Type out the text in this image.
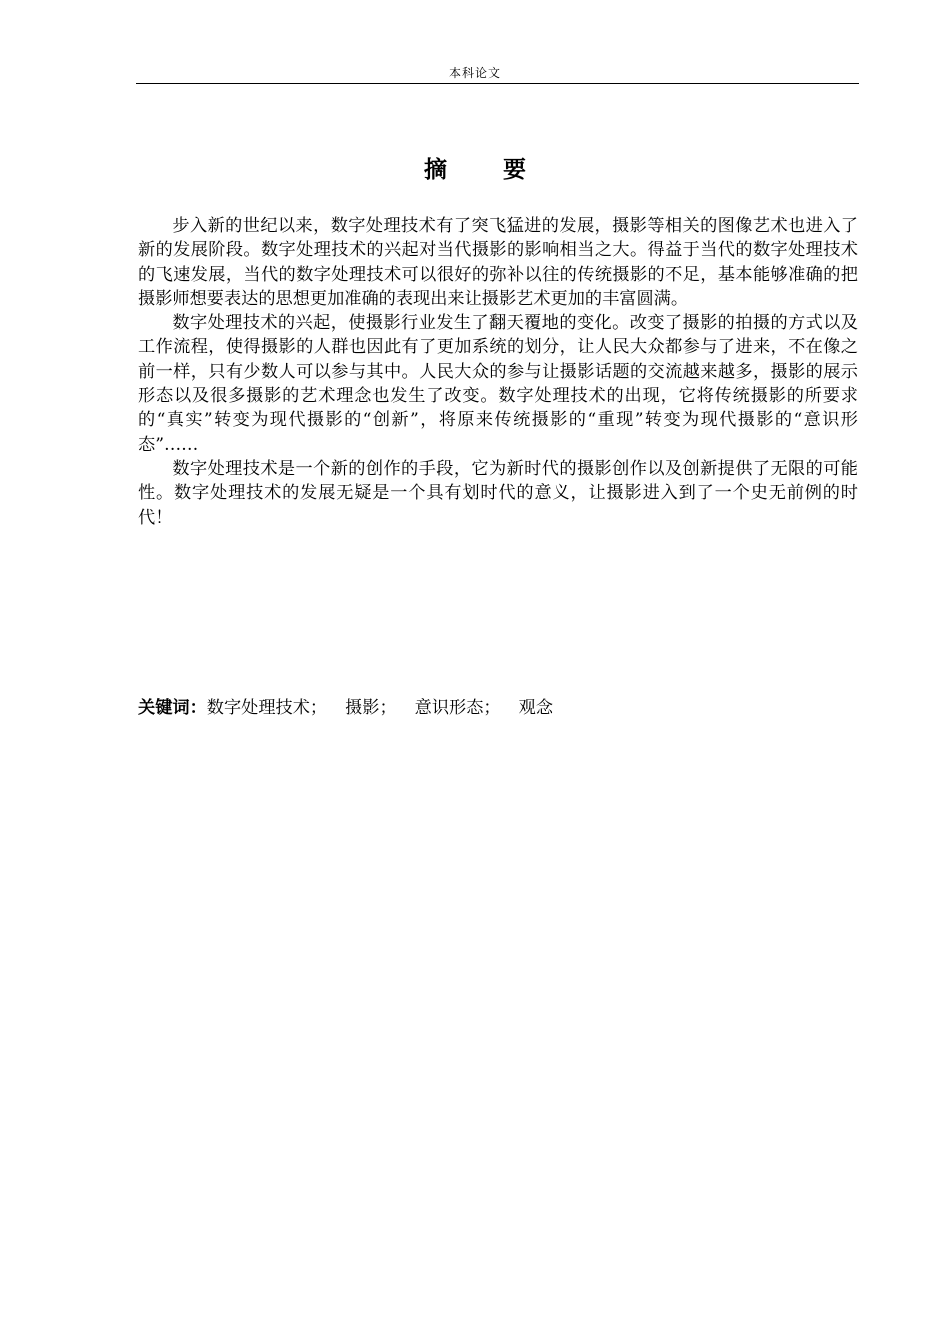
本科论文
摘 要

步入新的世纪以来，数字处理技术有了突飞猛进的发展，摄影等相关的图像艺术也进入了新的发展阶段。数字处理技术的兴起对当代摄影的影响相当之大。得益于当代的数字处理技术的飞速发展，当代的数字处理技术可以很好的弥补以往的传统摄影的不足，基本能够准确的把摄影师想要表达的思想更加准确的表现出来让摄影艺术更加的丰富圆满。

数字处理技术的兴起，使摄影行业发生了翻天覆地的变化。改变了摄影的拍摄的方式以及工作流程，使得摄影的人群也因此有了更加系统的划分，让人民大众都参与了进来，不在像之前一样，只有少数人可以参与其中。人民大众的参与让摄影话题的交流越来越多，摄影的展示形态以及很多摄影的艺术理念也发生了改变。数字处理技术的出现，它将传统摄影的所要求的“真实”转变为现代摄影的“创新”，将原来传统摄影的“重现”转变为现代摄影的“意识形态”……

数字处理技术是一个新的创作的手段，它为新时代的摄影创作以及创新提供了无限的可能性。数字处理技术的发展无疑是一个具有划时代的意义，让摄影进入到了一个史无前例的时代！

关键词：数字处理技术； 摄影； 意识形态； 观念
